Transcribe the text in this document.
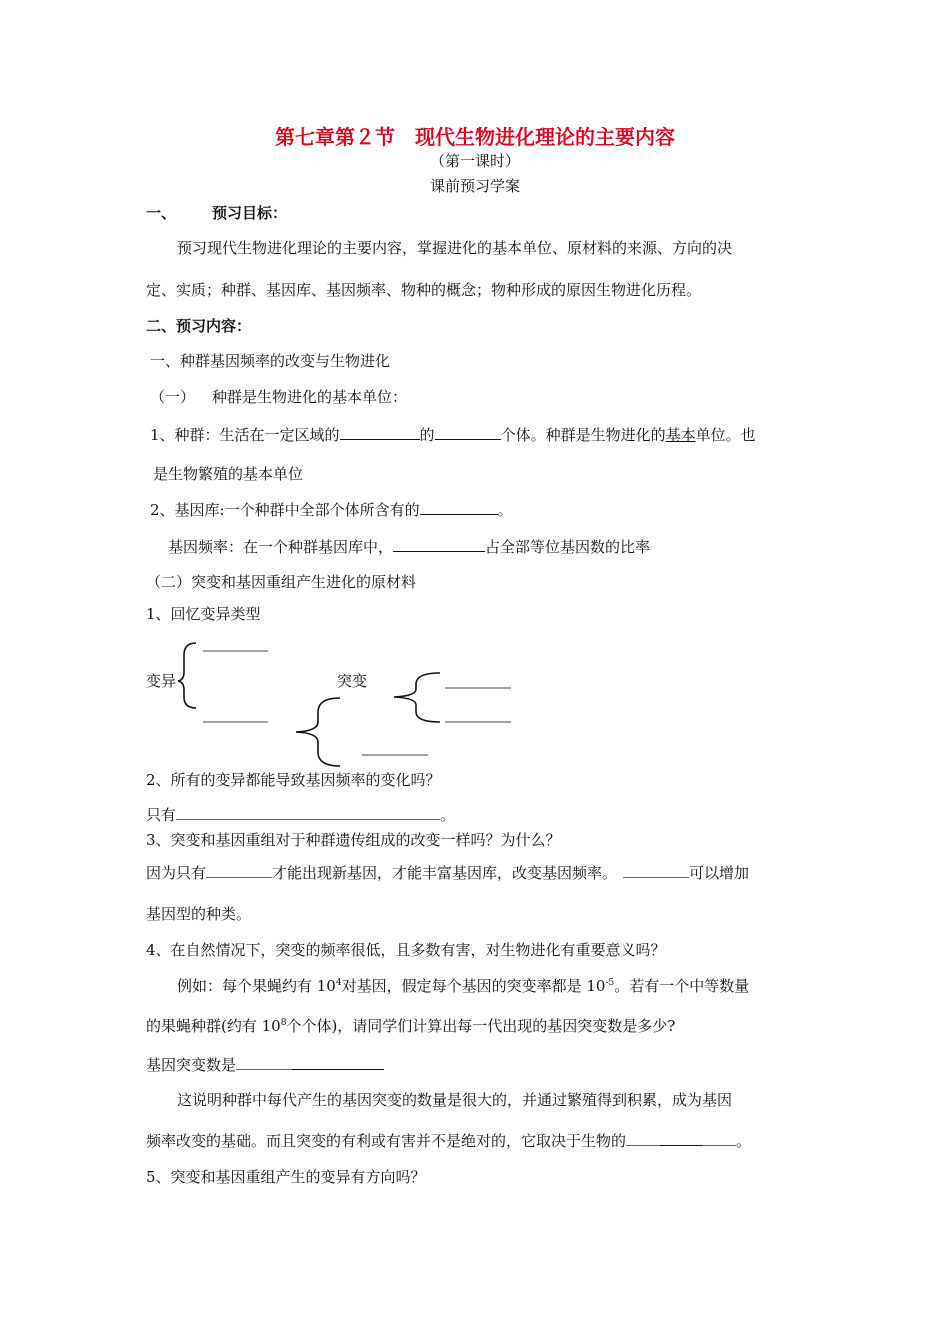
第七章第２节　现代生物进化理论的主要内容
（第一课时）
课前预习学案
一、 预习目标：
预习现代生物进化理论的主要内容，掌握进化的基本单位、原材料的来源、方向的决
定、实质；种群、基因库、基因频率、物种的概念；物种形成的原因生物进化历程。
二、预习内容：
一、种群基因频率的改变与生物进化
（一） 种群是生物进化的基本单位：
1、种群：生活在一定区域的	的	个体。种群是生物进化的基本单位。也
是生物繁殖的基本单位
2、基因库:一个种群中全部个体所含有的	。
基因频率：在一个种群基因库中，	占全部等位基因数的比率
（二）突变和基因重组产生进化的原材料
1、回忆变异类型
变异	突变
2、所有的变异都能导致基因频率的变化吗？
只有	。
3、突变和基因重组对于种群遗传组成的改变一样吗？为什么？
因为只有	才能出现新基因，才能丰富基因库，改变基因频率。	可以增加
基因型的种类。
4、在自然情况下，突变的频率很低，且多数有害，对生物进化有重要意义吗？
例如：每个果蝇约有 $10^4$对基因，假定每个基因的突变率都是 $10^{-5}$。若有一个中等数量
的果蝇种群(约有 $10^8$个个体)，请同学们计算出每一代出现的基因突变数是多少?
基因突变数是
这说明种群中每代产生的基因突变的数量是很大的，并通过繁殖得到积累，成为基因
频率改变的基础。而且突变的有利或有害并不是绝对的，它取决于生物的	。
5、突变和基因重组产生的变异有方向吗？
